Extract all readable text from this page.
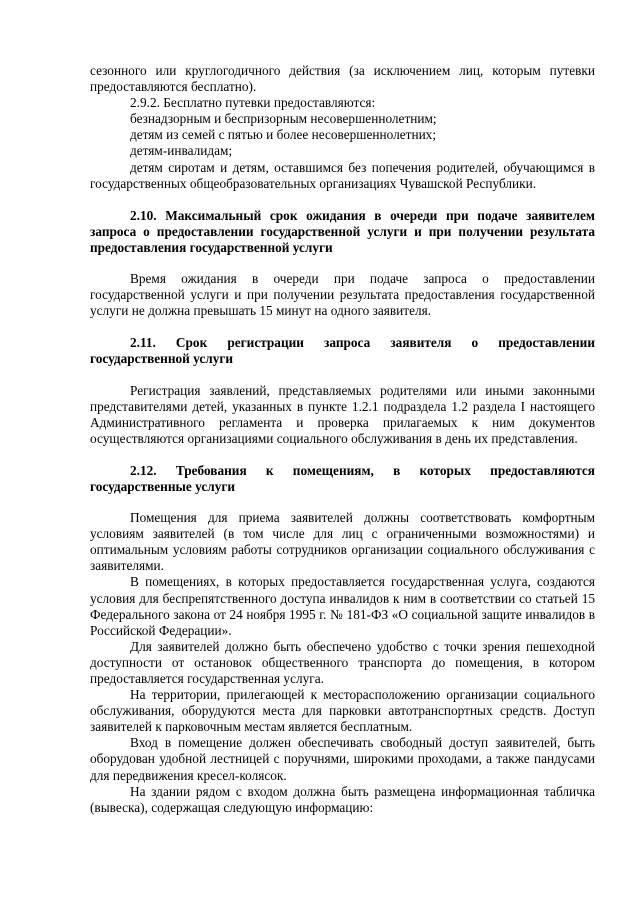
сезонного или круглогодичного действия (за исключением лиц, которым путевки предоставляются бесплатно).

2.9.2. Бесплатно путевки предоставляются:

безнадзорным и беспризорным несовершеннолетним;

детям из семей с пятью и более несовершеннолетних;

детям-инвалидам;

детям сиротам и детям, оставшимся без попечения родителей, обучающимся в государственных общеобразовательных организациях Чувашской Республики.

2.10. Максимальный срок ожидания в очереди при подаче заявителем запроса о предоставлении государственной услуги и при получении результата предоставления государственной услуги

Время ожидания в очереди при подаче запроса о предоставлении государственной услуги и при получении результата предоставления государственной услуги не должна превышать 15 минут на одного заявителя.

2.11. Срок регистрации запроса заявителя о предоставлении государственной услуги

Регистрация заявлений, представляемых родителями или иными законными представителями детей, указанных в пункте 1.2.1 подраздела 1.2 раздела I настоящего Административного регламента и проверка прилагаемых к ним документов осуществляются организациями социального обслуживания в день их представления.

2.12. Требования к помещениям, в которых предоставляются государственные услуги

Помещения для приема заявителей должны соответствовать комфортным условиям заявителей (в том числе для лиц с ограниченными возможностями) и оптимальным условиям работы сотрудников организации социального обслуживания с заявителями.

В помещениях, в которых предоставляется государственная услуга, создаются условия для беспрепятственного доступа инвалидов к ним в соответствии со статьей 15 Федерального закона от 24 ноября 1995 г. № 181-ФЗ «О социальной защите инвалидов в Российской Федерации».

Для заявителей должно быть обеспечено удобство с точки зрения пешеходной доступности от остановок общественного транспорта до помещения, в котором предоставляется государственная услуга.

На территории, прилегающей к месторасположению организации социального обслуживания, оборудуются места для парковки автотранспортных средств. Доступ заявителей к парковочным местам является бесплатным.

Вход в помещение должен обеспечивать свободный доступ заявителей, быть оборудован удобной лестницей с поручнями, широкими проходами, а также пандусами для передвижения кресел-колясок.

На здании рядом с входом должна быть размещена информационная табличка (вывеска), содержащая следующую информацию:
